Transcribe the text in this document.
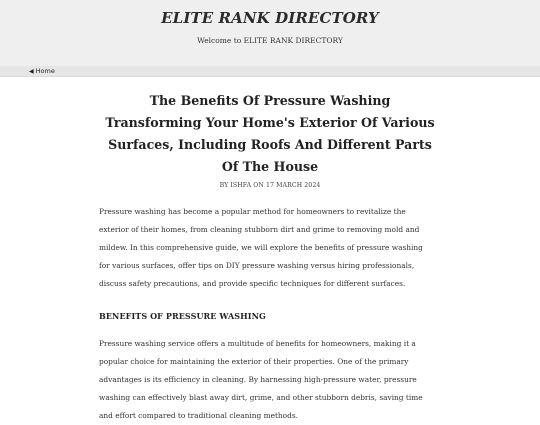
ELITE RANK DIRECTORY
Welcome to ELITE RANK DIRECTORY
◀ Home
The Benefits Of Pressure Washing Transforming Your Home's Exterior Of Various Surfaces, Including Roofs And Different Parts Of The House
BY ISHFA ON 17 MARCH 2024

Pressure washing has become a popular method for homeowners to revitalize the exterior of their homes, from cleaning stubborn dirt and grime to removing mold and mildew. In this comprehensive guide, we will explore the benefits of pressure washing for various surfaces, offer tips on DIY pressure washing versus hiring professionals, discuss safety precautions, and provide specific techniques for different surfaces.

BENEFITS OF PRESSURE WASHING

Pressure washing service offers a multitude of benefits for homeowners, making it a popular choice for maintaining the exterior of their properties. One of the primary advantages is its efficiency in cleaning. By harnessing high-pressure water, pressure washing can effectively blast away dirt, grime, and other stubborn debris, saving time and effort compared to traditional cleaning methods.
